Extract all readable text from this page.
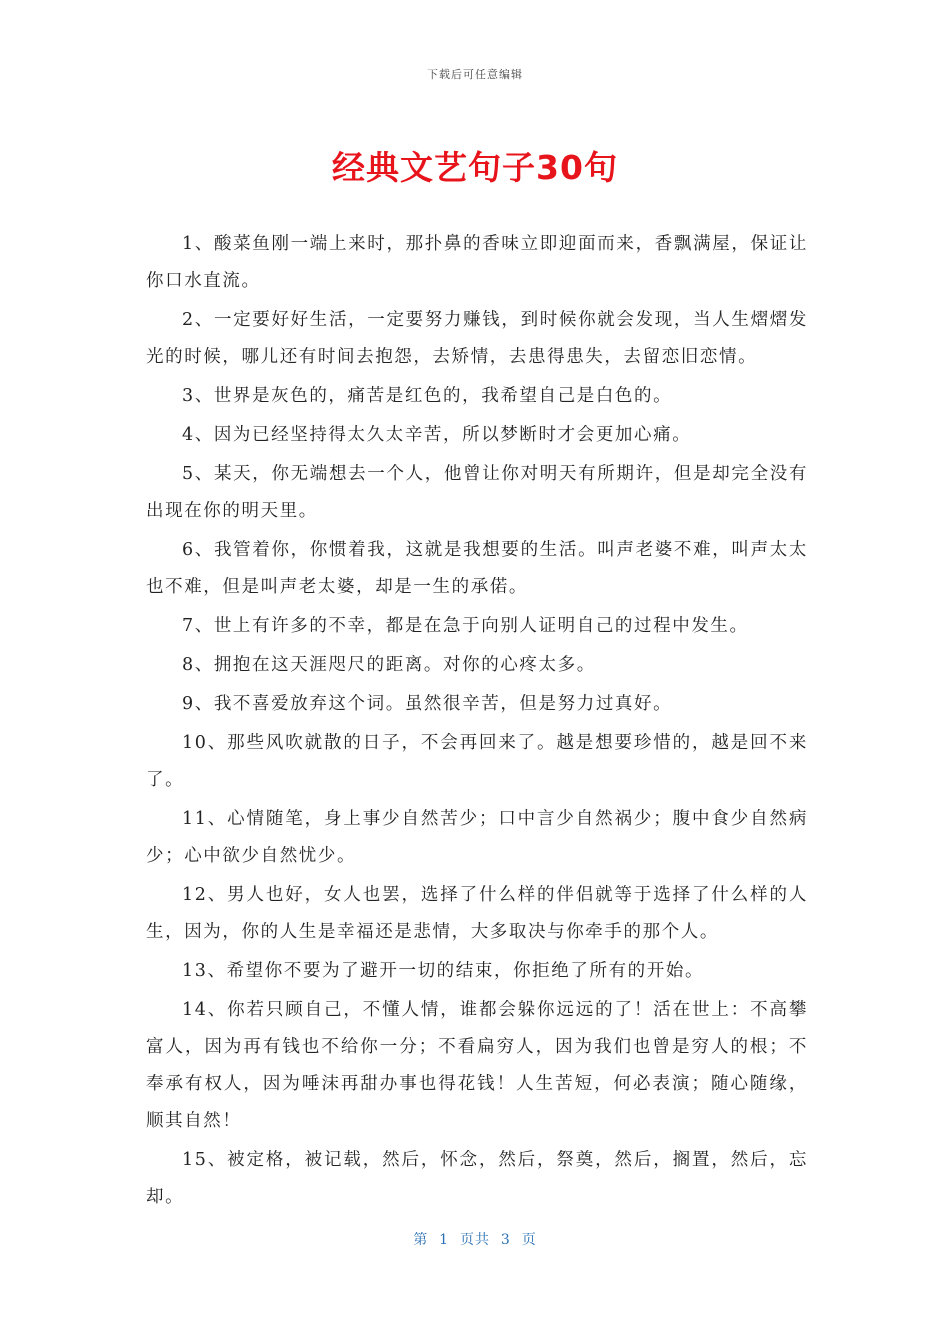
下载后可任意编辑
经典文艺句子30句

1、酸菜鱼刚一端上来时，那扑鼻的香味立即迎面而来，香飘满屋，保证让你口水直流。

2、一定要好好生活，一定要努力赚钱，到时候你就会发现，当人生熠熠发光的时候，哪儿还有时间去抱怨，去矫情，去患得患失，去留恋旧恋情。

3、世界是灰色的，痛苦是红色的，我希望自己是白色的。

4、因为已经坚持得太久太辛苦，所以梦断时才会更加心痛。

5、某天，你无端想去一个人，他曾让你对明天有所期许，但是却完全没有出现在你的明天里。

6、我管着你，你惯着我，这就是我想要的生活。叫声老婆不难，叫声太太也不难，但是叫声老太婆，却是一生的承偌。

7、世上有许多的不幸，都是在急于向别人证明自己的过程中发生。

8、拥抱在这天涯咫尺的距离。对你的心疼太多。

9、我不喜爱放弃这个词。虽然很辛苦，但是努力过真好。

10、那些风吹就散的日子，不会再回来了。越是想要珍惜的，越是回不来了。

11、心情随笔，身上事少自然苦少；口中言少自然祸少；腹中食少自然病少；心中欲少自然忧少。

12、男人也好，女人也罢，选择了什么样的伴侣就等于选择了什么样的人生，因为，你的人生是幸福还是悲情，大多取决与你牵手的那个人。

13、希望你不要为了避开一切的结束，你拒绝了所有的开始。

14、你若只顾自己，不懂人情，谁都会躲你远远的了！活在世上：不高攀富人，因为再有钱也不给你一分；不看扁穷人，因为我们也曾是穷人的根；不奉承有权人，因为唾沫再甜办事也得花钱！人生苦短，何必表演；随心随缘，顺其自然！

15、被定格，被记载，然后，怀念，然后，祭奠，然后，搁置，然后，忘却。

第  1  页共  3  页
